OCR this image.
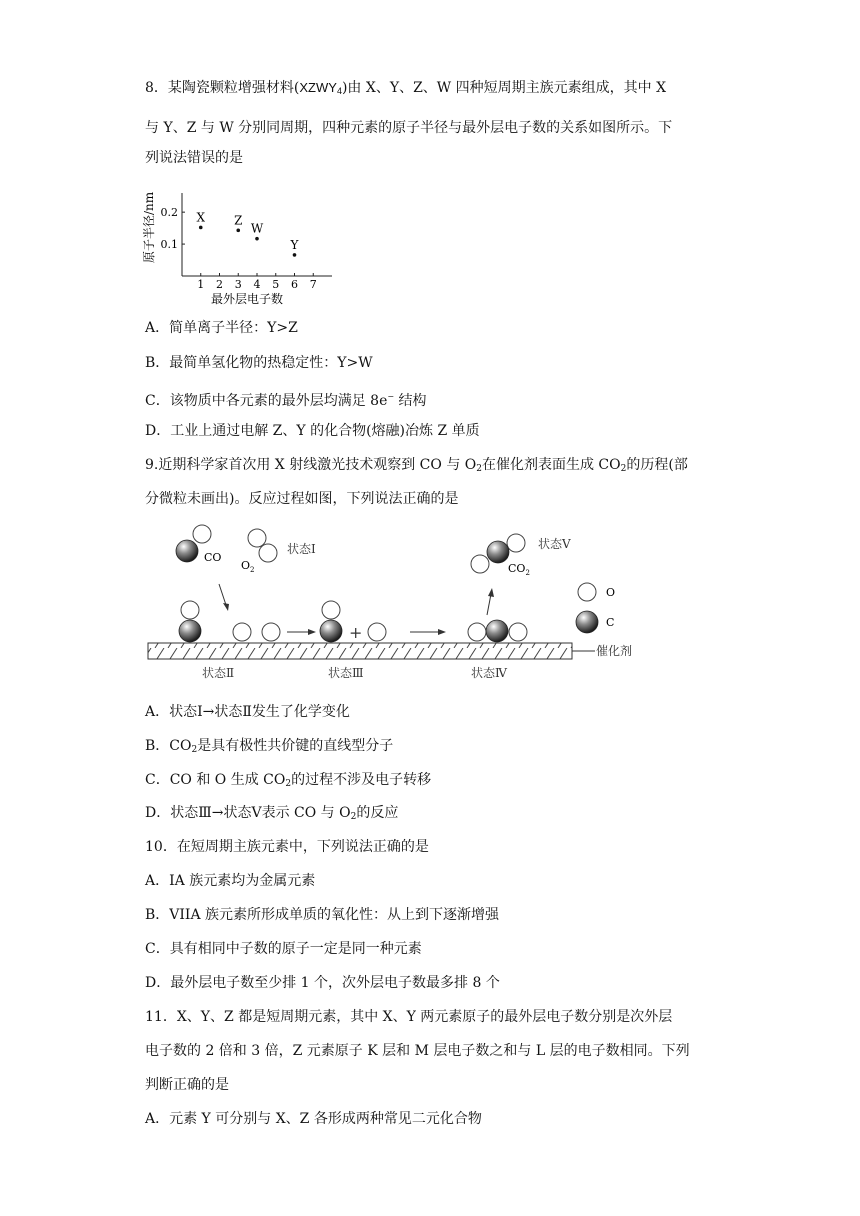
8．某陶瓷颗粒增强材料$(XZWY_4)$由 X、Y、Z、W 四种短周期主族元素组成，其中 X
与 Y、Z 与 W 分别同周期，四种元素的原子半径与最外层电子数的关系如图所示。下
列说法错误的是
原子半径/nm
1 2 3 4 5 6 7
0.1
0.2 X Z
W
Y
最外层电子数
A．简单离子半径：Y>Z
B．最简单氢化物的热稳定性：Y>W
C．该物质中各元素的最外层均满足 8e− 结构
D．工业上通过电解 Z、Y 的化合物(熔融)冶炼 Z 单质
9.近期科学家首次用 X 射线激光技术观察到 CO 与 $O_2$在催化剂表面生成 $CO_2$的历程(部
分微粒未画出)。反应过程如图，下列说法正确的是
CO
$O_2$
状态Ⅰ
催化剂
状态Ⅱ
+
状态Ⅲ	状态Ⅳ
$CO_2$
状态Ⅴ
O
C
A．状态Ⅰ→状态Ⅱ发生了化学变化
B．$CO_2$是具有极性共价键的直线型分子
C．CO 和 O 生成 $CO_2$的过程不涉及电子转移
D．状态Ⅲ→状态Ⅴ表示 CO 与 $O_2$的反应
10．在短周期主族元素中，下列说法正确的是
A．IA 族元素均为金属元素
B．VIIA 族元素所形成单质的氧化性：从上到下逐渐增强
C．具有相同中子数的原子一定是同一种元素
D．最外层电子数至少排 1 个，次外层电子数最多排 8 个
11．X、Y、Z 都是短周期元素，其中 X、Y 两元素原子的最外层电子数分别是次外层
电子数的 2 倍和 3 倍，Z 元素原子 K 层和 M 层电子数之和与 L 层的电子数相同。下列
判断正确的是
A．元素 Y 可分别与 X、Z 各形成两种常见二元化合物
